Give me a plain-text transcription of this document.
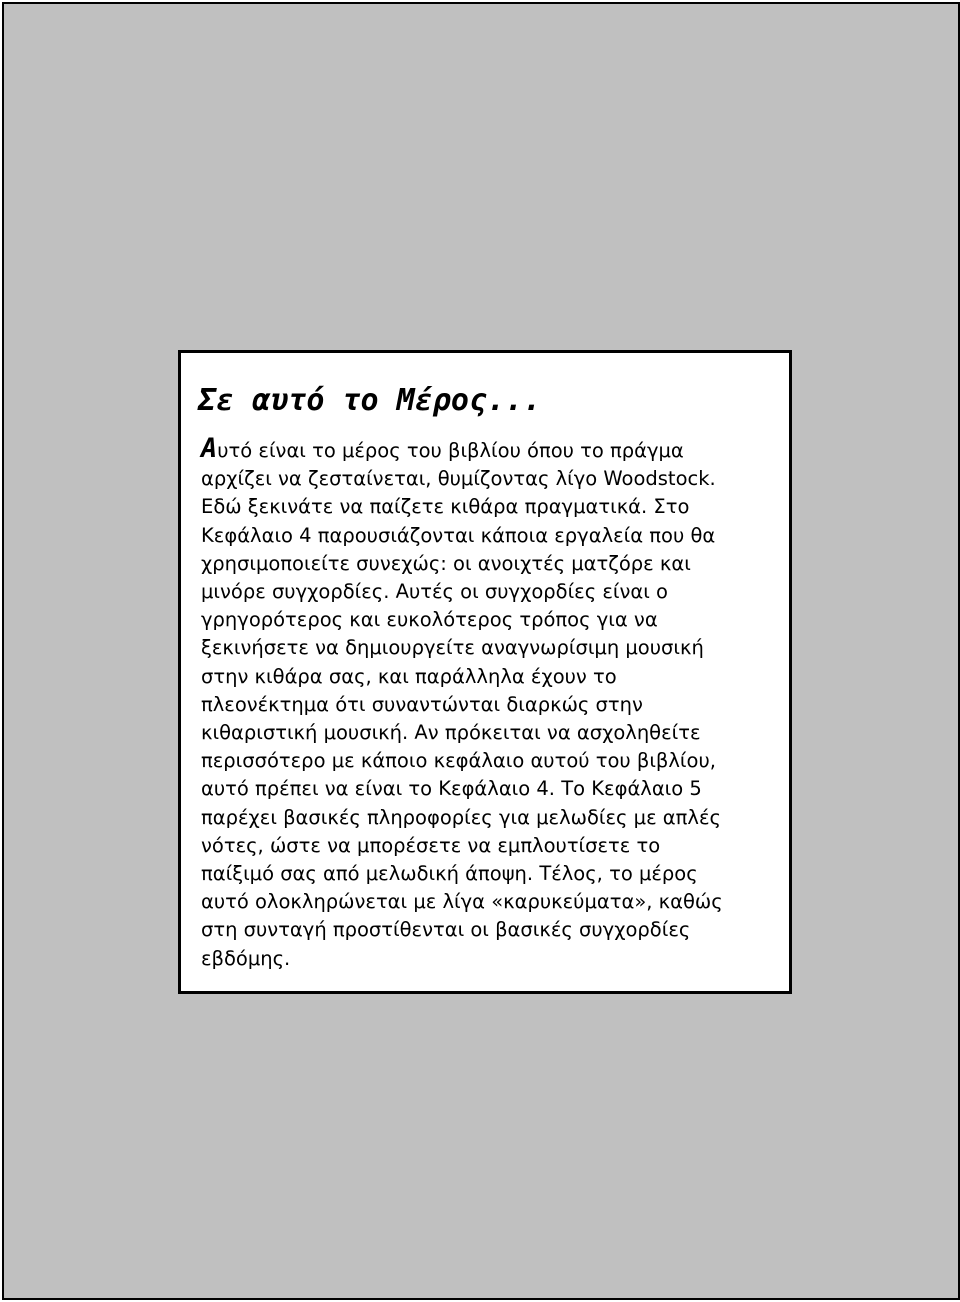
Σε αυτό το Μέρος...

Αυτό είναι το μέρος του βιβλίου όπου το πράγμα
αρχίζει να ζεσταίνεται, θυμίζοντας λίγο Woodstock.
Εδώ ξεκινάτε να παίζετε κιθάρα πραγματικά. Στο
Κεφάλαιο 4 παρουσιάζονται κάποια εργαλεία που θα
χρησιμοποιείτε συνεχώς: οι ανοιχτές ματζόρε και
μινόρε συγχορδίες. Αυτές οι συγχορδίες είναι ο
γρηγορότερος και ευκολότερος τρόπος για να
ξεκινήσετε να δημιουργείτε αναγνωρίσιμη μουσική
στην κιθάρα σας, και παράλληλα έχουν το
πλεονέκτημα ότι συναντώνται διαρκώς στην
κιθαριστική μουσική. Αν πρόκειται να ασχοληθείτε
περισσότερο με κάποιο κεφάλαιο αυτού του βιβλίου,
αυτό πρέπει να είναι το Κεφάλαιο 4. Το Κεφάλαιο 5
παρέχει βασικές πληροφορίες για μελωδίες με απλές
νότες, ώστε να μπορέσετε να εμπλουτίσετε το
παίξιμό σας από μελωδική άποψη. Τέλος, το μέρος
αυτό ολοκληρώνεται με λίγα «καρυκεύματα», καθώς
στη συνταγή προστίθενται οι βασικές συγχορδίες
εβδόμης.
